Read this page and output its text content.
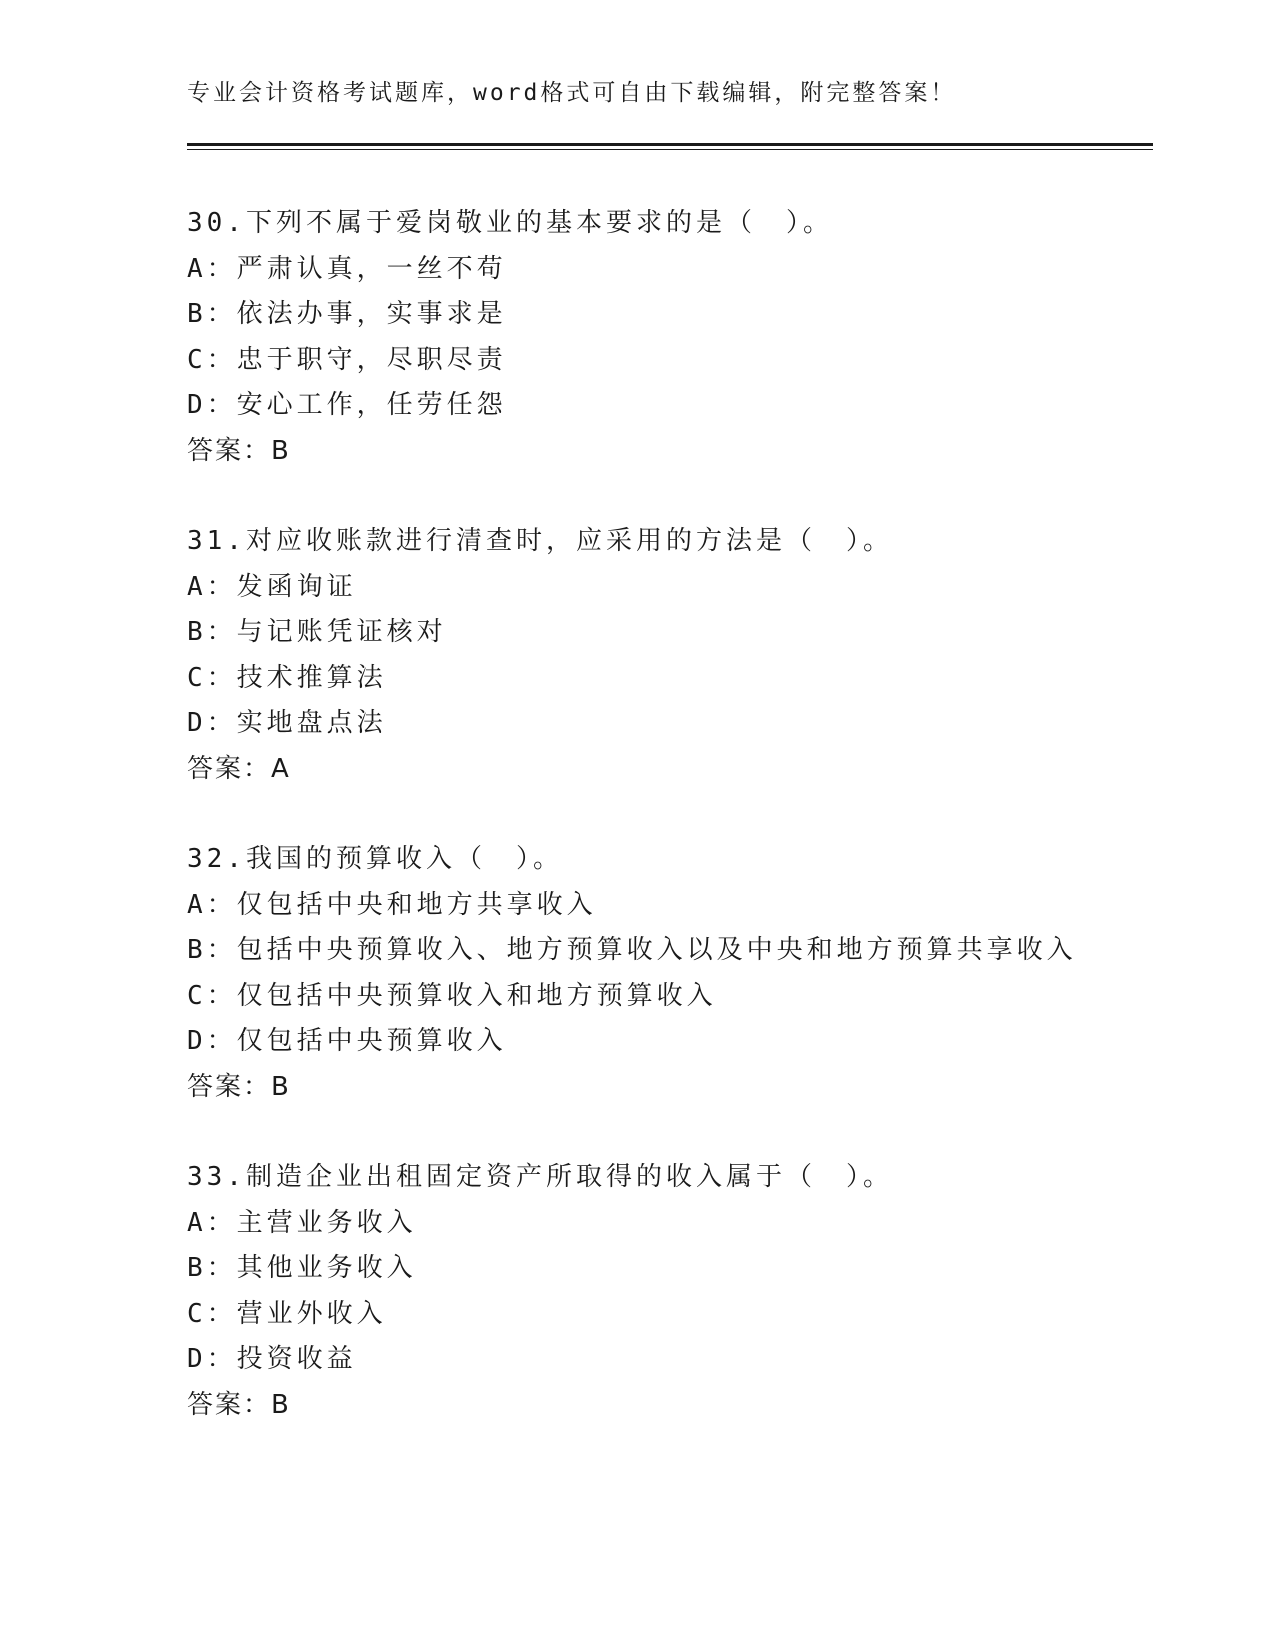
专业会计资格考试题库，word格式可自由下载编辑，附完整答案！
30.下列不属于爱岗敬业的基本要求的是（　）。
A：严肃认真，一丝不苟
B：依法办事，实事求是
C：忠于职守，尽职尽责
D：安心工作，任劳任怨
答案：B
31.对应收账款进行清查时，应采用的方法是（　）。
A：发函询证
B：与记账凭证核对
C：技术推算法
D：实地盘点法
答案：A
32.我国的预算收入（　）。
A：仅包括中央和地方共享收入
B：包括中央预算收入、地方预算收入以及中央和地方预算共享收入
C：仅包括中央预算收入和地方预算收入
D：仅包括中央预算收入
答案：B
33.制造企业出租固定资产所取得的收入属于（　）。
A：主营业务收入
B：其他业务收入
C：营业外收入
D：投资收益
答案：B
